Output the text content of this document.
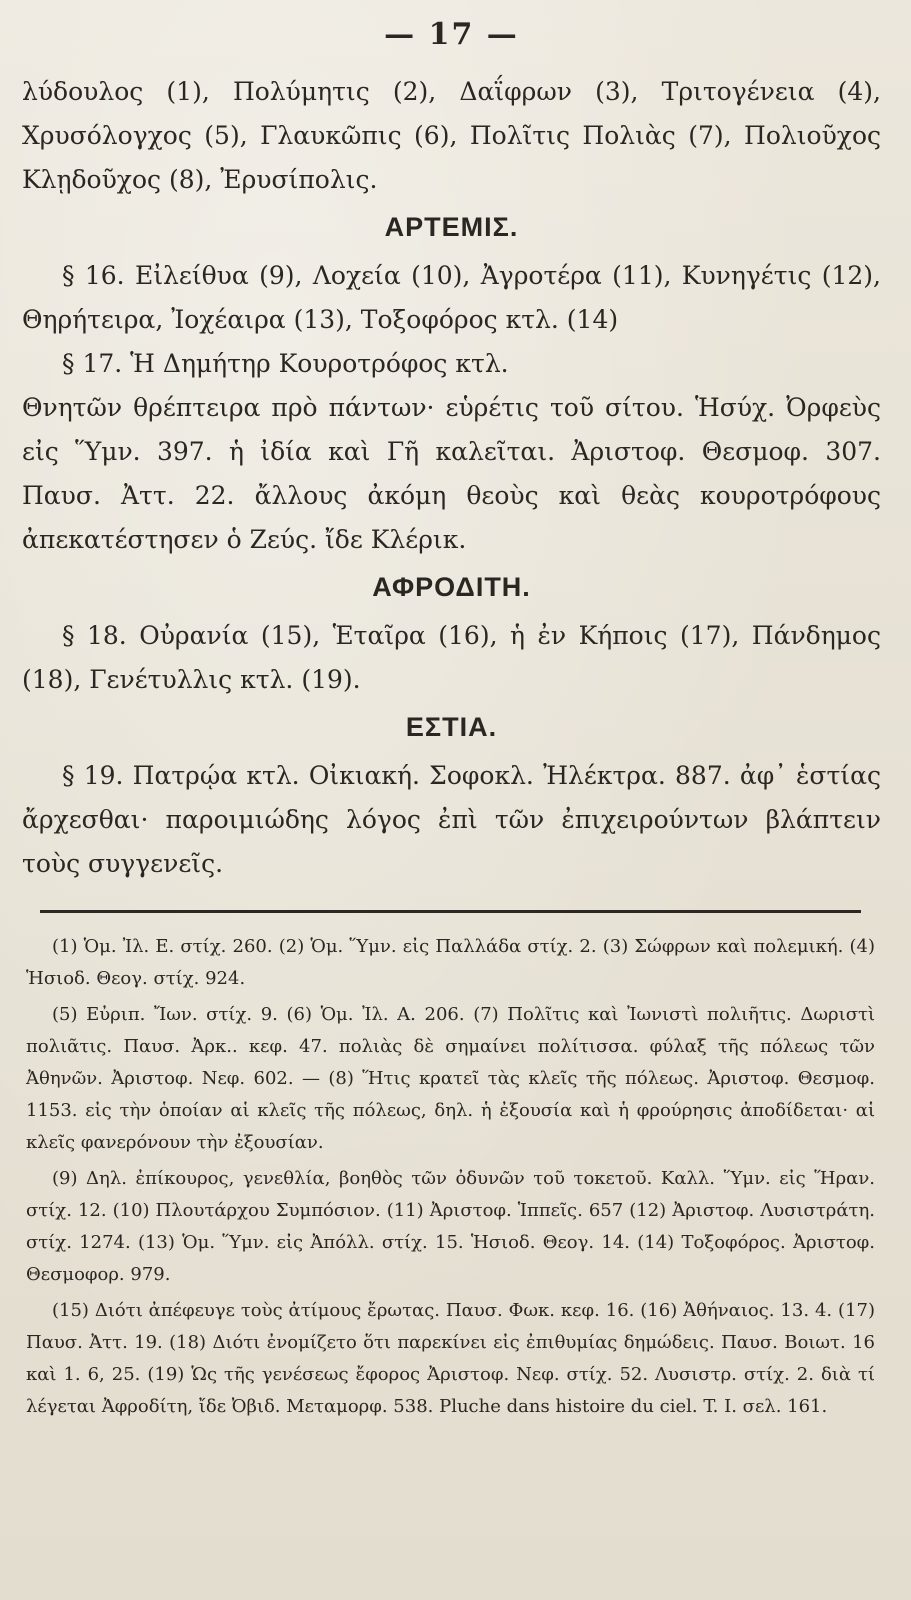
— 17 —

λύδουλος (1), Πολύμητις (2), Δαΐφρων (3), Τριτογένεια (4), Χρυσόλογχος (5), Γλαυκῶπις (6), Πολῖτις Πολιὰς (7), Πολιοῦχος Κλῃδοῦχος (8), Ἐρυσίπολις.

ΑΡΤΕΜΙΣ.

§ 16. Εἰλείθυα (9), Λοχεία (10), Ἀγροτέρα (11), Κυνηγέτις (12), Θηρήτειρα, Ἰοχέαιρα (13), Τοξοφόρος κτλ. (14)

§ 17. Ἡ Δημήτηρ Κουροτρόφος κτλ.

Θνητῶν θρέπτειρα πρὸ πάντων· εὑρέτις τοῦ σίτου. Ἡσύχ. Ὀρφεὺς εἰς Ὕμν. 397. ἡ ἰδία καὶ Γῆ καλεῖται. Ἀριστοφ. Θεσμοφ. 307. Παυσ. Ἀττ. 22. ἄλλους ἀκόμη θεοὺς καὶ θεὰς κουροτρόφους ἀπεκατέστησεν ὁ Ζεύς. ἴδε Κλέρικ.

ΑΦΡΟΔΙΤΗ.

§ 18. Οὐρανία (15), Ἑταῖρα (16), ἡ ἐν Κήποις (17), Πάνδημος (18), Γενέτυλλις κτλ. (19).

ΕΣΤΙΑ.

§ 19. Πατρῴα κτλ. Οἰκιακή. Σοφοκλ. Ἠλέκτρα. 887. ἀφ᾽ ἑστίας ἄρχεσθαι· παροιμιώδης λόγος ἐπὶ τῶν ἐπιχειρούντων βλάπτειν τοὺς συγγενεῖς.

(1) Ὁμ. Ἰλ. Ε. στίχ. 260. (2) Ὁμ. Ὕμν. εἰς Παλλάδα στίχ. 2. (3) Σώφρων καὶ πολεμική. (4) Ἡσιοδ. Θεογ. στίχ. 924.

(5) Εὐριπ. Ἴων. στίχ. 9. (6) Ὁμ. Ἰλ. Α. 206. (7) Πολῖτις καὶ Ἰωνιστὶ πολιῆτις. Δωριστὶ πολιᾶτις. Παυσ. Ἀρκ.. κεφ. 47. πολιὰς δὲ σημαίνει πολίτισσα. φύλαξ τῆς πόλεως τῶν Ἀθηνῶν. Ἀριστοφ. Νεφ. 602. — (8) Ἥτις κρατεῖ τὰς κλεῖς τῆς πόλεως. Ἀριστοφ. Θεσμοφ. 1153. εἰς τὴν ὁποίαν αἱ κλεῖς τῆς πόλεως, δηλ. ἡ ἐξουσία καὶ ἡ φρούρησις ἀποδίδεται· αἱ κλεῖς φανερόνουν τὴν ἐξουσίαν.

(9) Δηλ. ἐπίκουρος, γενεθλία, βοηθὸς τῶν ὀδυνῶν τοῦ τοκετοῦ. Καλλ. Ὕμν. εἰς Ἥραν. στίχ. 12. (10) Πλουτάρχου Συμπόσιον. (11) Ἀριστοφ. Ἱππεῖς. 657 (12) Ἀριστοφ. Λυσιστράτη. στίχ. 1274. (13) Ὁμ. Ὕμν. εἰς Ἀπόλλ. στίχ. 15. Ἡσιοδ. Θεογ. 14. (14) Τοξοφόρος. Ἀριστοφ. Θεσμοφορ. 979.

(15) Διότι ἀπέφευγε τοὺς ἀτίμους ἔρωτας. Παυσ. Φωκ. κεφ. 16. (16) Ἀθήναιος. 13. 4. (17) Παυσ. Ἀττ. 19. (18) Διότι ἐνομίζετο ὅτι παρεκίνει εἰς ἐπιθυμίας δημώδεις. Παυσ. Βοιωτ. 16 καὶ 1. 6, 25. (19) Ὡς τῆς γενέσεως ἔφορος Ἀριστοφ. Νεφ. στίχ. 52. Λυσιστρ. στίχ. 2. διὰ τί λέγεται Ἀφροδίτη, ἴδε Ὀβιδ. Μεταμορφ. 538. Pluche dans histoire du ciel. T. I. σελ. 161.
